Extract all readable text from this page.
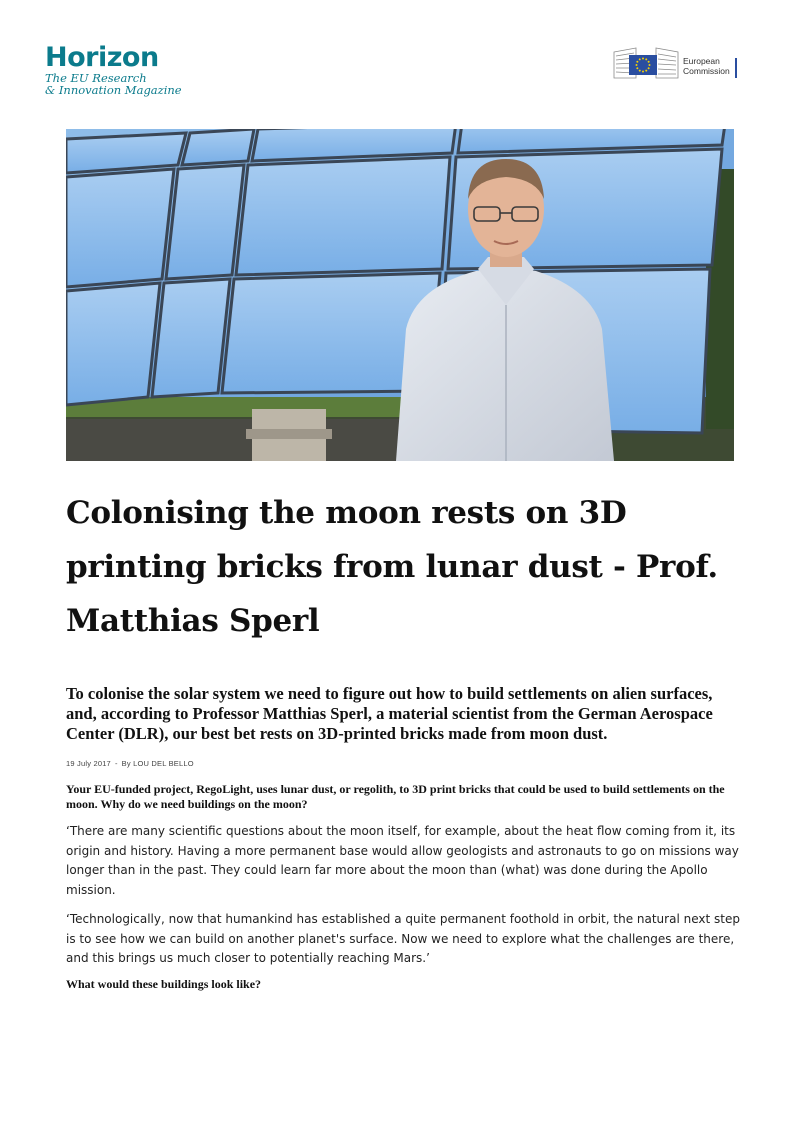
Horizon
The EU Research
& Innovation Magazine
European
Commission
Colonising the moon rests on 3D printing bricks from lunar dust - Prof. Matthias Sperl

To colonise the solar system we need to figure out how to build settlements on alien surfaces, and, according to Professor Matthias Sperl, a material scientist from the German Aerospace Center (DLR), our best bet rests on 3D-printed bricks made from moon dust.

19 July 2017 - By LOU DEL BELLO

Your EU-funded project, RegoLight, uses lunar dust, or regolith, to 3D print bricks that could be used to build settlements on the moon. Why do we need buildings on the moon?

‘There are many scientific questions about the moon itself, for example, about the heat flow coming from it, its origin and history. Having a more permanent base would allow geologists and astronauts to go on missions way longer than in the past. They could learn far more about the moon than (what) was done during the Apollo mission.

‘Technologically, now that humankind has established a quite permanent foothold in orbit, the natural next step is to see how we can build on another planet's surface. Now we need to explore what the challenges are there, and this brings us much closer to potentially reaching Mars.’

What would these buildings look like?
